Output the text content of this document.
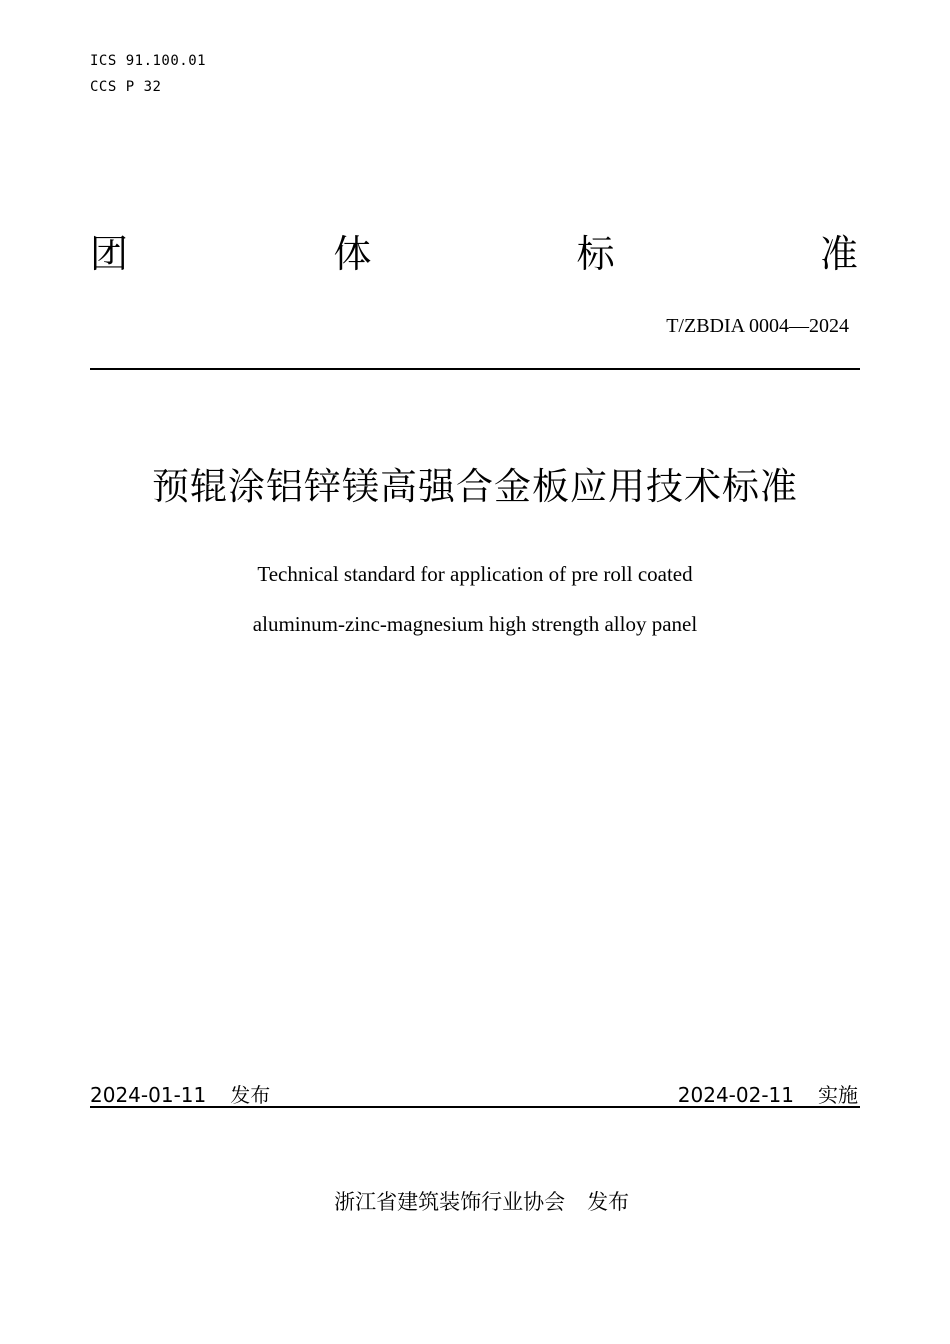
ICS 91.100.01
CCS P 32
团	体	标	准
T/ZBDIA 0004—2024
预辊涂铝锌镁高强合金板应用技术标准
Technical standard for application of pre roll coated
aluminum-zinc-magnesium high strength alloy panel
2024-01-11 发布	2024-02-11 实施

浙江省建筑装饰行业协会 发布
